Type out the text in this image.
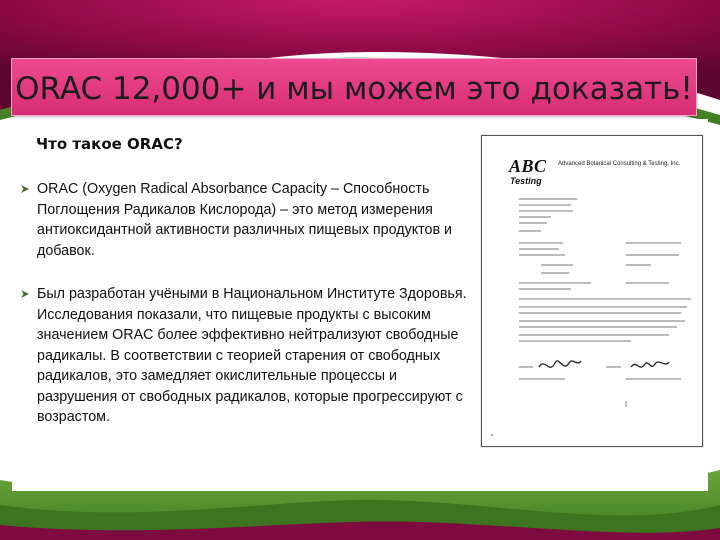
ORAC 12,000+ и мы можем это доказать!
Что такое ORAC?
ORAC (Oxygen Radical Absorbance Capacity – Способность Поглощения Радикалов Кислорода) – это метод измерения антиоксидантной активности различных пищевых продуктов и добавок.
Был разработан учёными в Национальном Институте Здоровья. Исследования показали, что пищевые продукты с высоким значением ORAC более эффективно нейтрализуют свободные радикалы. В соответствии с теорией старения от свободных радикалов, это замедляет окислительные процессы и разрушения от свободных радикалов, которые прогрессируют с возрастом.
ABC
Testing
Advanced Botanical Consulting & Testing, Inc.
